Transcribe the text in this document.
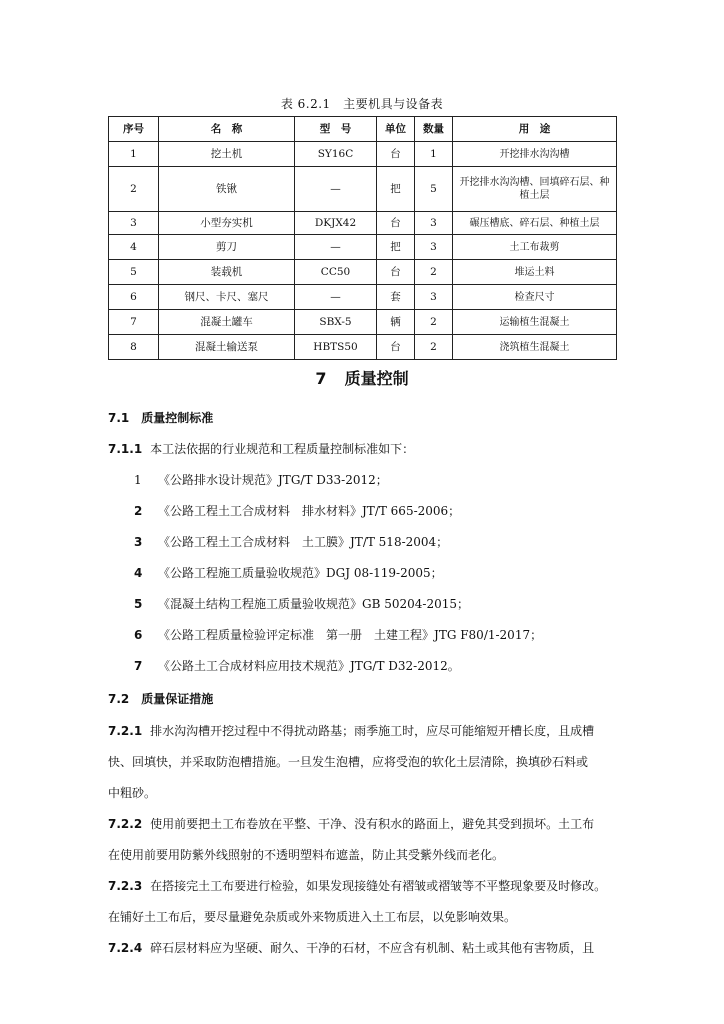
表 6.2.1　主要机具与设备表
序号	名　称	型　号	单位	数量	用　途
1	挖土机	SY16C	台	1	开挖排水沟沟槽
2	铁锹	—	把	5	开挖排水沟沟槽、回填碎石层、种植土层
3	小型夯实机	DKJX42	台	3	碾压槽底、碎石层、种植土层
4	剪刀	—	把	3	土工布裁剪
5	装载机	CC50	台	2	堆运土料
6	钢尺、卡尺、塞尺	—	套	3	检查尺寸
7	混凝土罐车	SBX-5	辆	2	运输植生混凝土
8	混凝土输送泵	HBTS50	台	2	浇筑植生混凝土
7 质量控制
7.1 质量控制标准
7.1.1 本工法依据的行业规范和工程质量控制标准如下：
1 《公路排水设计规范》JTG/T D33-2012；
2 《公路工程土工合成材料　排水材料》JT/T 665-2006；
3 《公路工程土工合成材料　土工膜》JT/T 518-2004；
4 《公路工程施工质量验收规范》DGJ 08-119-2005；
5 《混凝土结构工程施工质量验收规范》GB 50204-2015；
6 《公路工程质量检验评定标准　第一册　土建工程》JTG F80/1-2017；
7 《公路土工合成材料应用技术规范》JTG/T D32-2012。
7.2 质量保证措施
7.2.1 排水沟沟槽开挖过程中不得扰动路基；雨季施工时，应尽可能缩短开槽长度，且成槽
快、回填快，并采取防泡槽措施。一旦发生泡槽，应将受泡的软化土层清除，换填砂石料或
中粗砂。
7.2.2 使用前要把土工布卷放在平整、干净、没有积水的路面上，避免其受到损坏。土工布
在使用前要用防紫外线照射的不透明塑料布遮盖，防止其受紫外线而老化。
7.2.3 在搭接完土工布要进行检验，如果发现接缝处有褶皱或褶皱等不平整现象要及时修改。
在铺好土工布后，要尽量避免杂质或外来物质进入土工布层，以免影响效果。
7.2.4 碎石层材料应为坚硬、耐久、干净的石材，不应含有机制、粘土或其他有害物质，且
